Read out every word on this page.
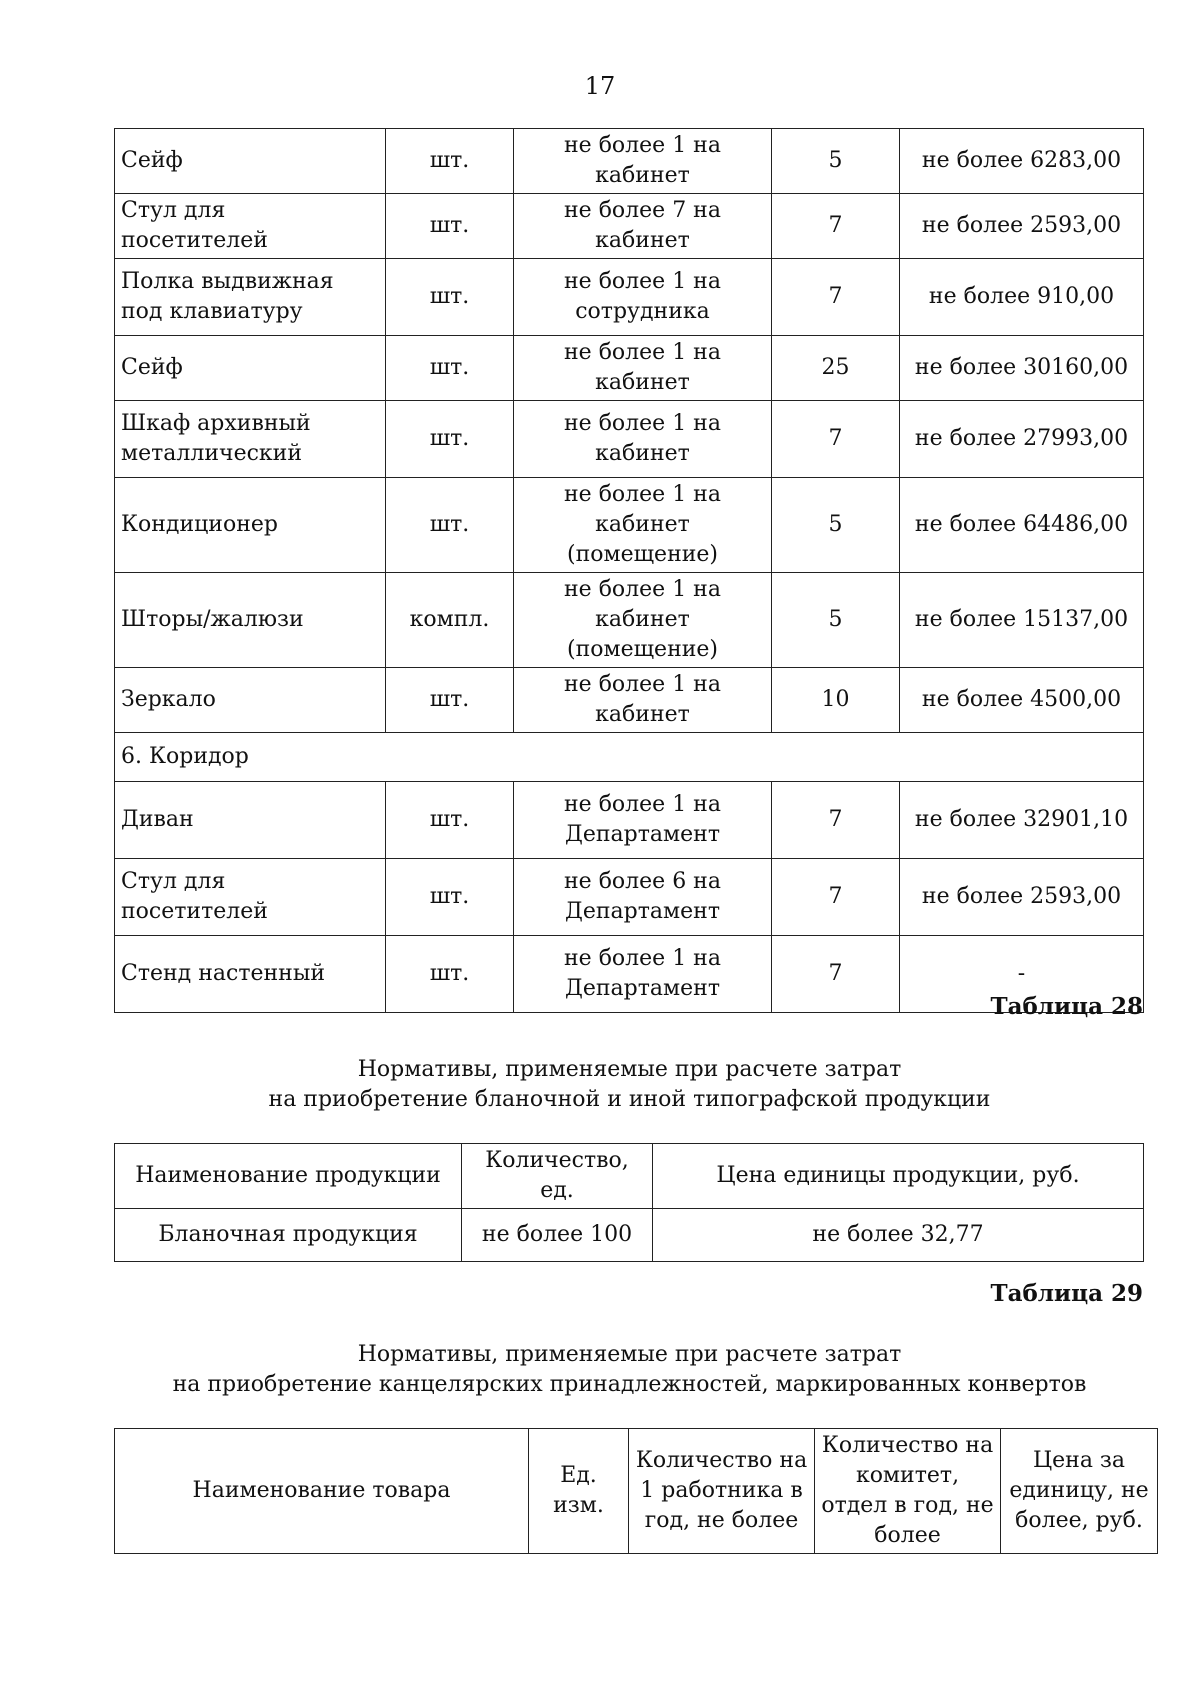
17
Сейф	шт.	не более 1 на кабинет	5	не более 6283,00
Стул для посетителей	шт.	не более 7 на кабинет	7	не более 2593,00
Полка выдвижная под клавиатуру	шт.	не более 1 на сотрудника	7	не более 910,00
Сейф	шт.	не более 1 на кабинет	25	не более 30160,00
Шкаф архивный металлический	шт.	не более 1 на кабинет	7	не более 27993,00
Кондиционер	шт.	не более 1 на кабинет (помещение)	5	не более 64486,00
Шторы/жалюзи	компл.	не более 1 на кабинет (помещение)	5	не более 15137,00
Зеркало	шт.	не более 1 на кабинет	10	не более 4500,00
6. Коридор				
Диван	шт.	не более 1 на Департамент	7	не более 32901,10
Стул для посетителей	шт.	не более 6 на Департамент	7	не более 2593,00
Стенд настенный	шт.	не более 1 на Департамент	7	-
Таблица 28
Нормативы, применяемые при расчете затрат
на приобретение бланочной и иной типографской продукции
Наименование продукции	Количество, ед.	Цена единицы продукции, руб.
Бланочная продукция	не более 100	не более 32,77
Таблица 29
Нормативы, применяемые при расчете затрат
на приобретение канцелярских принадлежностей, маркированных конвертов
Наименование товара	Ед. изм.	Количество на 1 работника в год, не более	Количество на комитет, отдел в год, не более	Цена за единицу, не более, руб.
